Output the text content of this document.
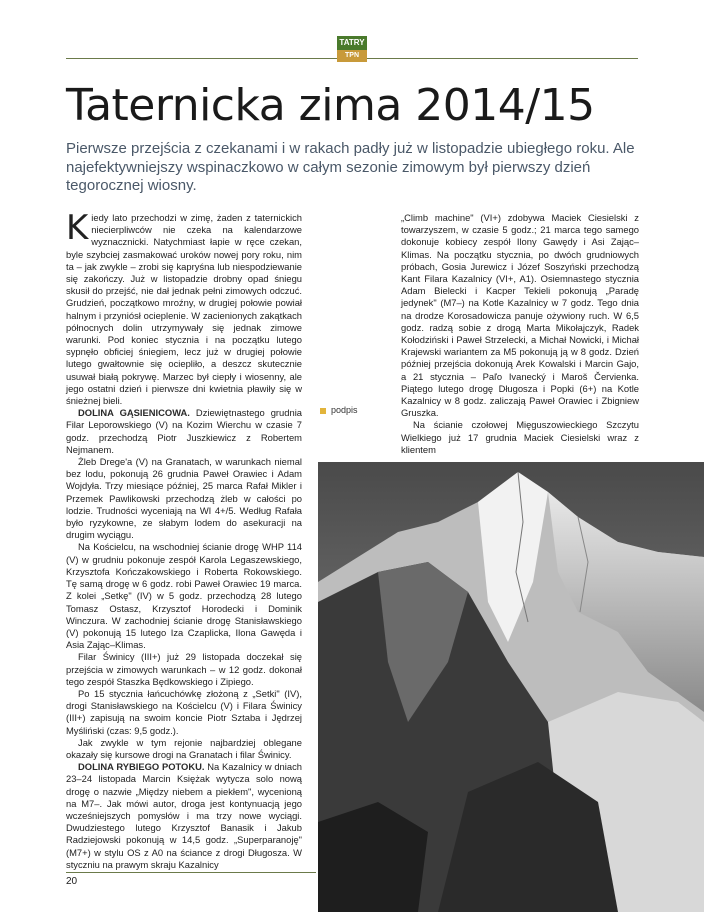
TATRY
TPN
Taternicka zima 2014/15

Pierwsze przejścia z czekanami i w rakach padły już w listopadzie ubiegłego roku. Ale najefektywniejszy wspinaczkowo w całym sezonie zimowym był pierwszy dzień tegorocznej wiosny.

Kiedy lato przechodzi w zimę, żaden z taternickich niecierpliwców nie czeka na kalendarzowe wyznacznicki. Natychmiast łapie w ręce czekan, byle szybciej zasmakować uroków nowej pory roku, nim ta – jak zwykle – zrobi się kapryśna lub niespodziewanie się zakończy. Już w listopadzie drobny opad śniegu skusił do przejść, nie dał jednak pełni zimowych odczuć. Grudzień, początkowo mroźny, w drugiej połowie powiał halnym i przyniósł ocieplenie. W zacienionych zakątkach północnych dolin utrzymywały się jednak zimowe warunki. Pod koniec stycznia i na początku lutego sypnęło obficiej śniegiem, lecz już w drugiej połowie lutego gwałtownie się ociepliło, a deszcz skutecznie usuwał białą pokrywę. Marzec był ciepły i wiosenny, ale jego ostatni dzień i pierwsze dni kwietnia pławiły się w śnieżnej bieli.

DOLINA GĄSIENICOWA. Dziewiętnastego grudnia Filar Leporowskiego (V) na Kozim Wierchu w czasie 7 godz. przechodzą Piotr Juszkiewicz z Robertem Nejmanem.

Żleb Drege'a (V) na Granatach, w warunkach niemal bez lodu, pokonują 26 grudnia Paweł Orawiec i Adam Wojdyła. Trzy miesiące później, 25 marca Rafał Mikler i Przemek Pawlikowski przechodzą żleb w całości po lodzie. Trudności wyceniają na WI 4+/5. Według Rafała było ryzykowne, ze słabym lodem do asekuracji na drugim wyciągu.

Na Kościelcu, na wschodniej ścianie drogę WHP 114 (V) w grudniu pokonuje zespół Karola Legaszewskiego, Krzysztofa Kończakowskiego i Roberta Rokowskiego. Tę samą drogę w 6 godz. robi Paweł Orawiec 19 marca. Z kolei „Setkę" (IV) w 5 godz. przechodzą 28 lutego Tomasz Ostasz, Krzysztof Horodecki i Dominik Winczura. W zachodniej ścianie drogę Stanisławskiego (V) pokonują 15 lutego Iza Czaplicka, Ilona Gawęda i Asia Zając–Klimas.

Filar Świnicy (III+) już 29 listopada doczekał się przejścia w zimowych warunkach – w 12 godz. dokonał tego zespół Staszka Będkowskiego i Zipiego.

Po 15 stycznia łańcuchówkę złożoną z „Setki" (IV), drogi Stanisławskiego na Kościelcu (V) i Filara Świnicy (III+) zapisują na swoim koncie Piotr Sztaba i Jędrzej Myśliński (czas: 9,5 godz.).

Jak zwykle w tym rejonie najbardziej oblegane okazały się kursowe drogi na Granatach i filar Świnicy.

DOLINA RYBIEGO POTOKU. Na Kazalnicy w dniach 23–24 listopada Marcin Księżak wytycza solo nową drogę o nazwie „Między niebem a piekłem", wycenioną na M7–. Jak mówi autor, droga jest kontynuacją jego wcześniejszych pomysłów i ma trzy nowe wyciągi. Dwudziestego lutego Krzysztof Banasik i Jakub Radziejowski pokonują w 14,5 godz. „Superparanoję" (M7+) w stylu OS z A0 na ściance z drogi Długosza. W styczniu na prawym skraju Kazalnicy

„Climb machine" (VI+) zdobywa Maciek Ciesielski z towarzyszem, w czasie 5 godz.; 21 marca tego samego dokonuje kobiecy zespół Ilony Gawędy i Asi Zając–Klimas. Na początku stycznia, po dwóch grudniowych próbach, Gosia Jurewicz i Józef Soszyński przechodzą Kant Filara Kazalnicy (VI+, A1). Osiemnastego stycznia Adam Bielecki i Kacper Tekieli pokonują „Paradę jedynek" (M7–) na Kotle Kazalnicy w 7 godz. Tego dnia na drodze Korosadowicza panuje ożywiony ruch. W 6,5 godz. radzą sobie z drogą Marta Mikołajczyk, Radek Kołodziński i Paweł Strzelecki, a Michał Nowicki, i Michał Krajewski wariantem za M5 pokonują ją w 8 godz. Dzień później przejścia dokonują Arek Kowalski i Marcin Gajo, a 21 stycznia – Paľo Ivanecký i Maroš Červienka. Piątego lutego drogę Długosza i Popki (6+) na Kotle Kazalnicy w 8 godz. zaliczają Paweł Orawiec i Zbigniew Gruszka.

Na ścianie czołowej Mięguszowieckiego Szczytu Wielkiego już 17 grudnia Maciek Ciesielski wraz z klientem

podpis
20
